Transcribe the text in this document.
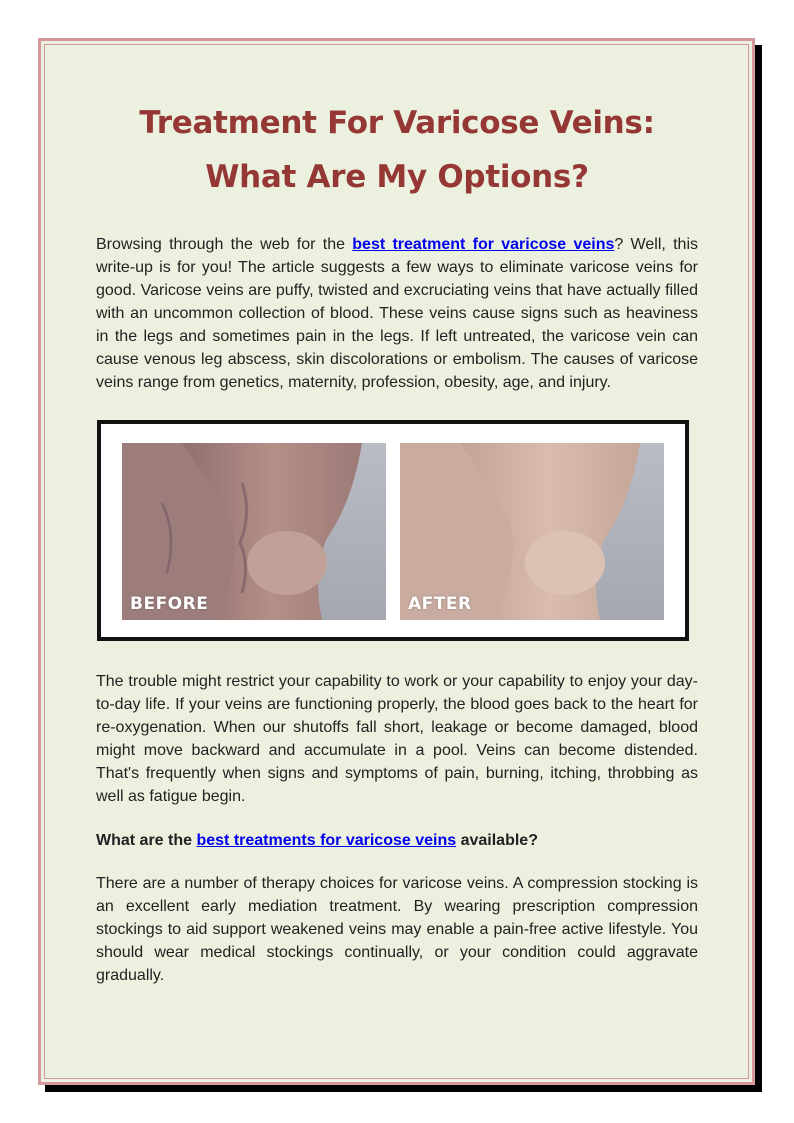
Treatment For Varicose Veins: What Are My Options?

Browsing through the web for the best treatment for varicose veins? Well, this write-up is for you! The article suggests a few ways to eliminate varicose veins for good. Varicose veins are puffy, twisted and excruciating veins that have actually filled with an uncommon collection of blood. These veins cause signs such as heaviness in the legs and sometimes pain in the legs. If left untreated, the varicose vein can cause venous leg abscess, skin discolorations or embolism. The causes of varicose veins range from genetics, maternity, profession, obesity, age, and injury.

BEFORE	AFTER

The trouble might restrict your capability to work or your capability to enjoy your day-to-day life. If your veins are functioning properly, the blood goes back to the heart for re-oxygenation. When our shutoffs fall short, leakage or become damaged, blood might move backward and accumulate in a pool. Veins can become distended. That's frequently when signs and symptoms of pain, burning, itching, throbbing as well as fatigue begin.

What are the best treatments for varicose veins available?

There are a number of therapy choices for varicose veins. A compression stocking is an excellent early mediation treatment. By wearing prescription compression stockings to aid support weakened veins may enable a pain-free active lifestyle. You should wear medical stockings continually, or your condition could aggravate gradually.
